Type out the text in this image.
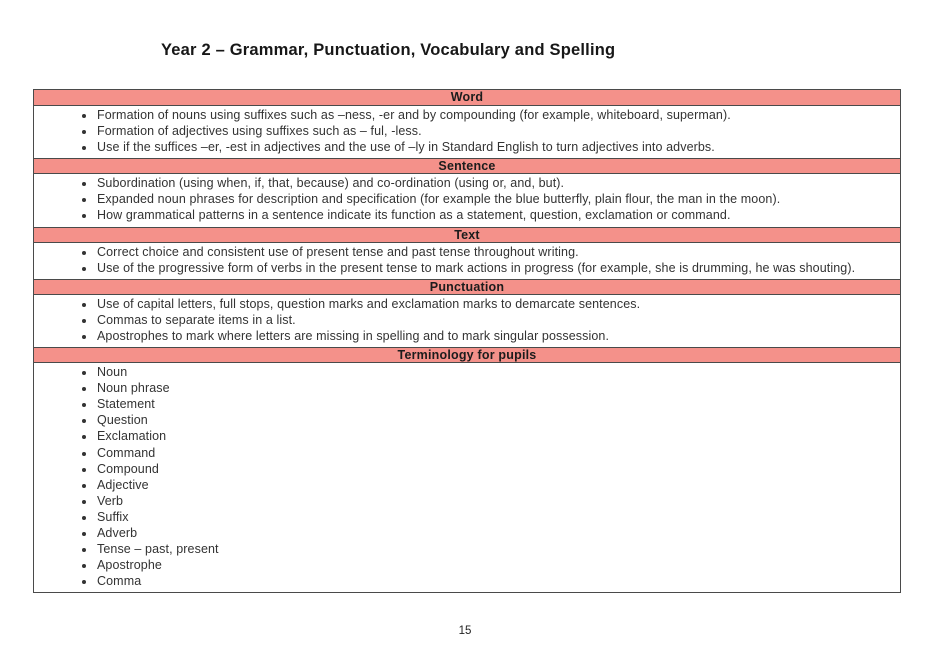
Year 2 – Grammar, Punctuation, Vocabulary and Spelling
Word
• Formation of nouns using suffixes such as –ness, -er and by compounding (for example, whiteboard, superman).
• Formation of adjectives using suffixes such as – ful, -less.
• Use if the suffices –er, -est in adjectives and the use of –ly in Standard English to turn adjectives into adverbs.
Sentence
• Subordination (using when, if, that, because) and co-ordination (using or, and, but).
• Expanded noun phrases for description and specification (for example the blue butterfly, plain flour, the man in the moon).
• How grammatical patterns in a sentence indicate its function as a statement, question, exclamation or command.
Text
• Correct choice and consistent use of present tense and past tense throughout writing.
• Use of the progressive form of verbs in the present tense to mark actions in progress (for example, she is drumming, he was shouting).
Punctuation
• Use of capital letters, full stops, question marks and exclamation marks to demarcate sentences.
• Commas to separate items in a list.
• Apostrophes to mark where letters are missing in spelling and to mark singular possession.
Terminology for pupils
• Noun
• Noun phrase
• Statement
• Question
• Exclamation
• Command
• Compound
• Adjective
• Verb
• Suffix
• Adverb
• Tense – past, present
• Apostrophe
• Comma
15
